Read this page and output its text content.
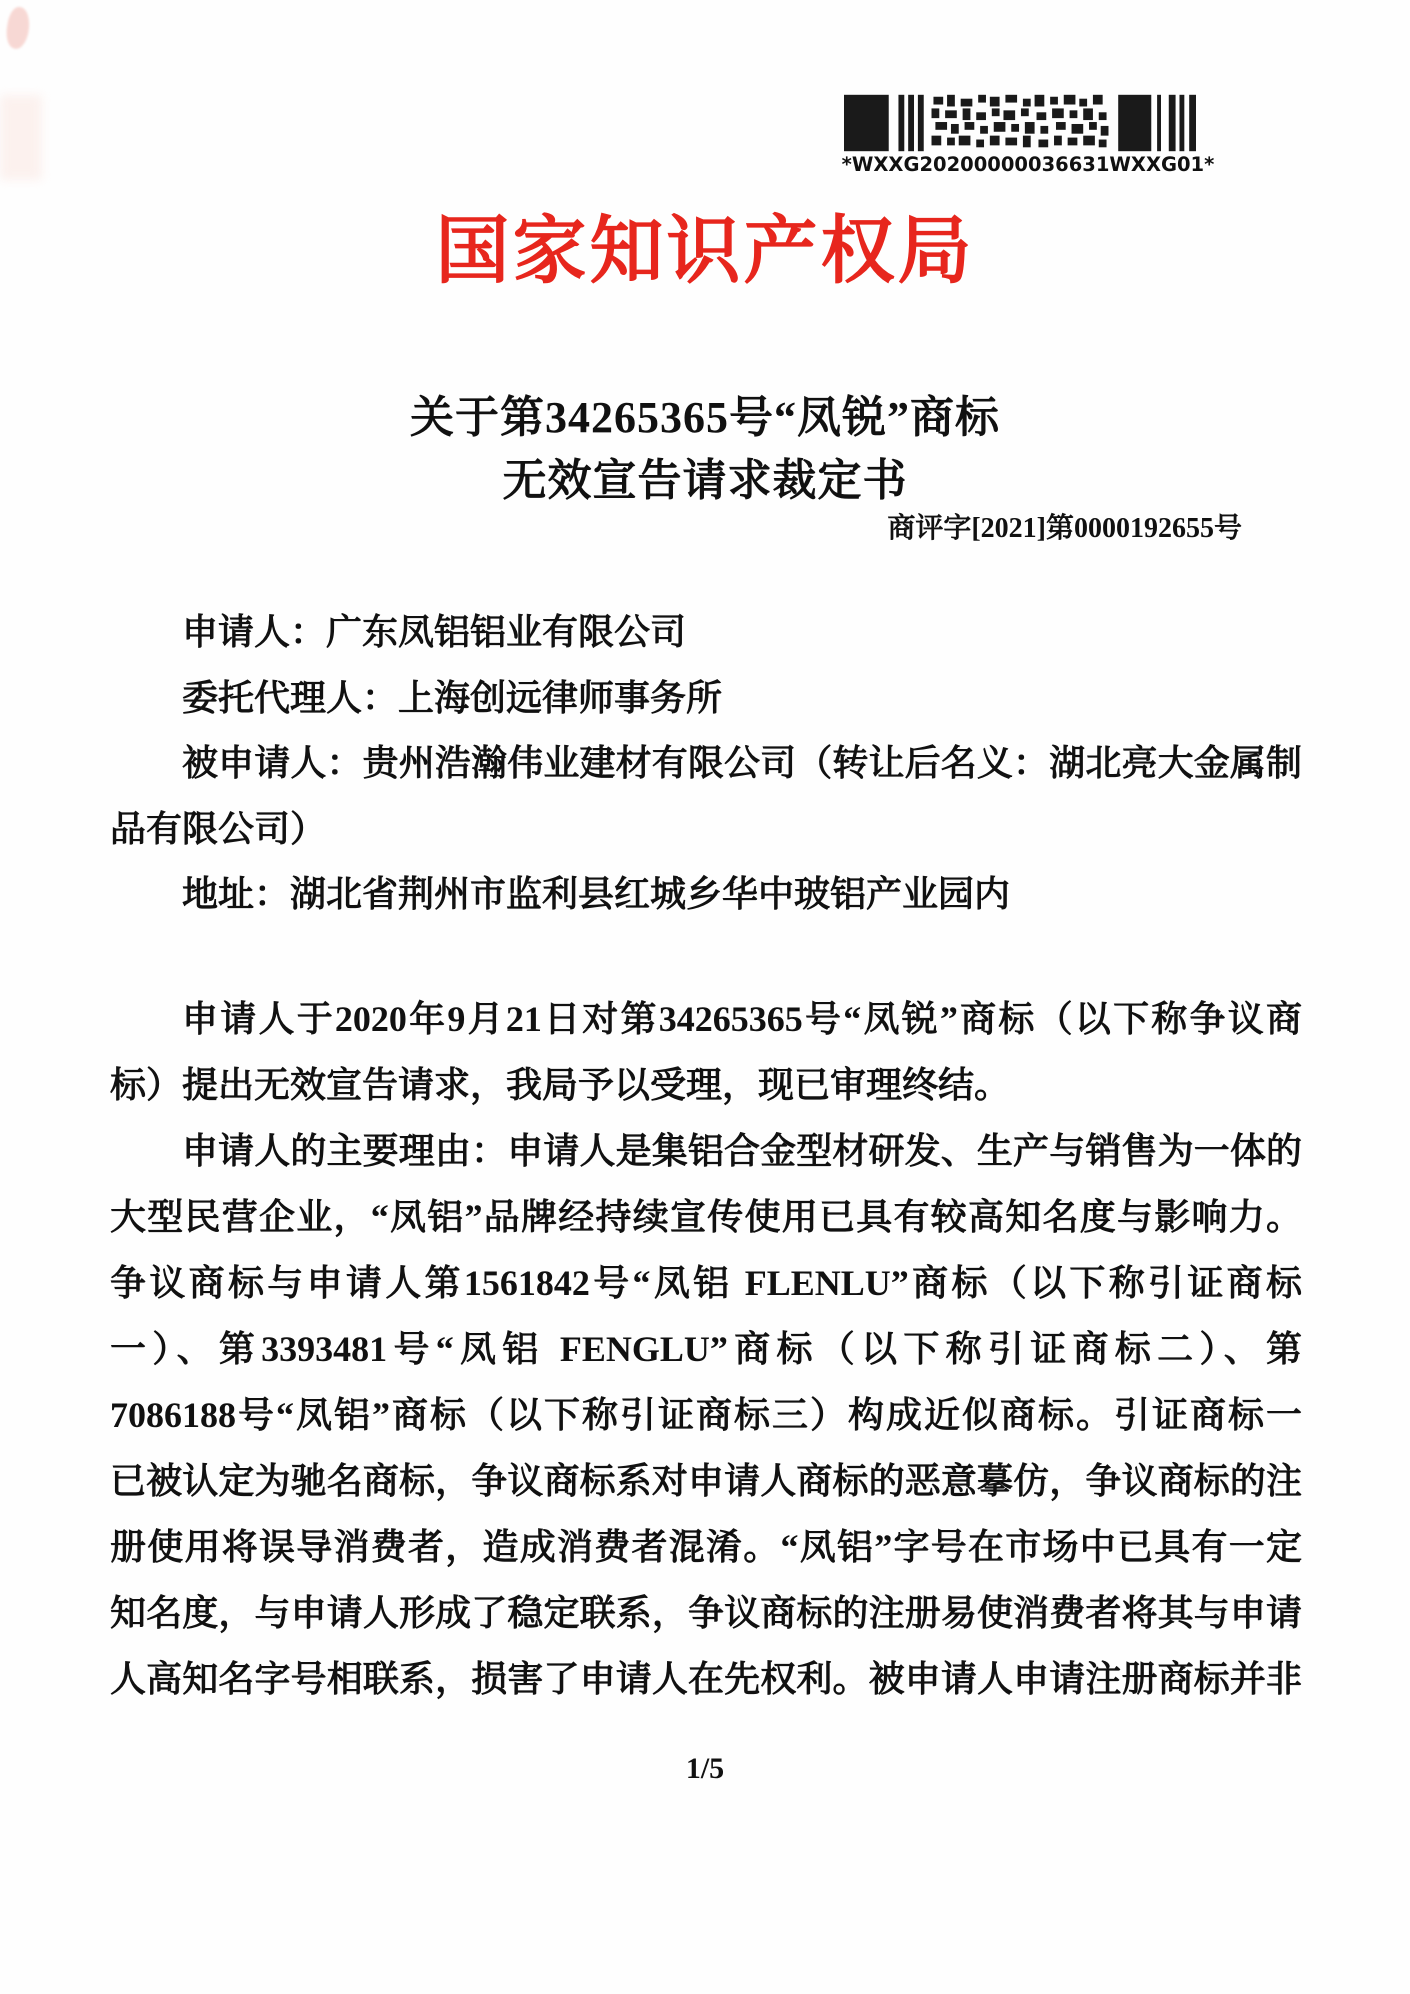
*WXXG20200000036631WXXG01*
国家知识产权局
关于第34265365号“凤锐”商标
无效宣告请求裁定书
商评字[2021]第0000192655号

申请人：广东凤铝铝业有限公司

委托代理人：上海创远律师事务所

被申请人：贵州浩瀚伟业建材有限公司（转让后名义：湖北亮大金属制
品有限公司）

地址：湖北省荆州市监利县红城乡华中玻铝产业园内

申请人于2020年9月21日对第34265365号“凤锐”商标（以下称争议商
标）提出无效宣告请求，我局予以受理，现已审理终结。
申请人的主要理由：申请人是集铝合金型材研发、生产与销售为一体的
大型民营企业，“凤铝”品牌经持续宣传使用已具有较高知名度与影响力。
争议商标与申请人第1561842号“凤铝 FLENLU”商标（以下称引证商标
一）、第3393481号“凤铝 FENGLU”商标（以下称引证商标二）、第
7086188号“凤铝”商标（以下称引证商标三）构成近似商标。引证商标一
已被认定为驰名商标，争议商标系对申请人商标的恶意摹仿，争议商标的注
册使用将误导消费者，造成消费者混淆。“凤铝”字号在市场中已具有一定
知名度，与申请人形成了稳定联系，争议商标的注册易使消费者将其与申请
人高知名字号相联系，损害了申请人在先权利。被申请人申请注册商标并非
1/5
